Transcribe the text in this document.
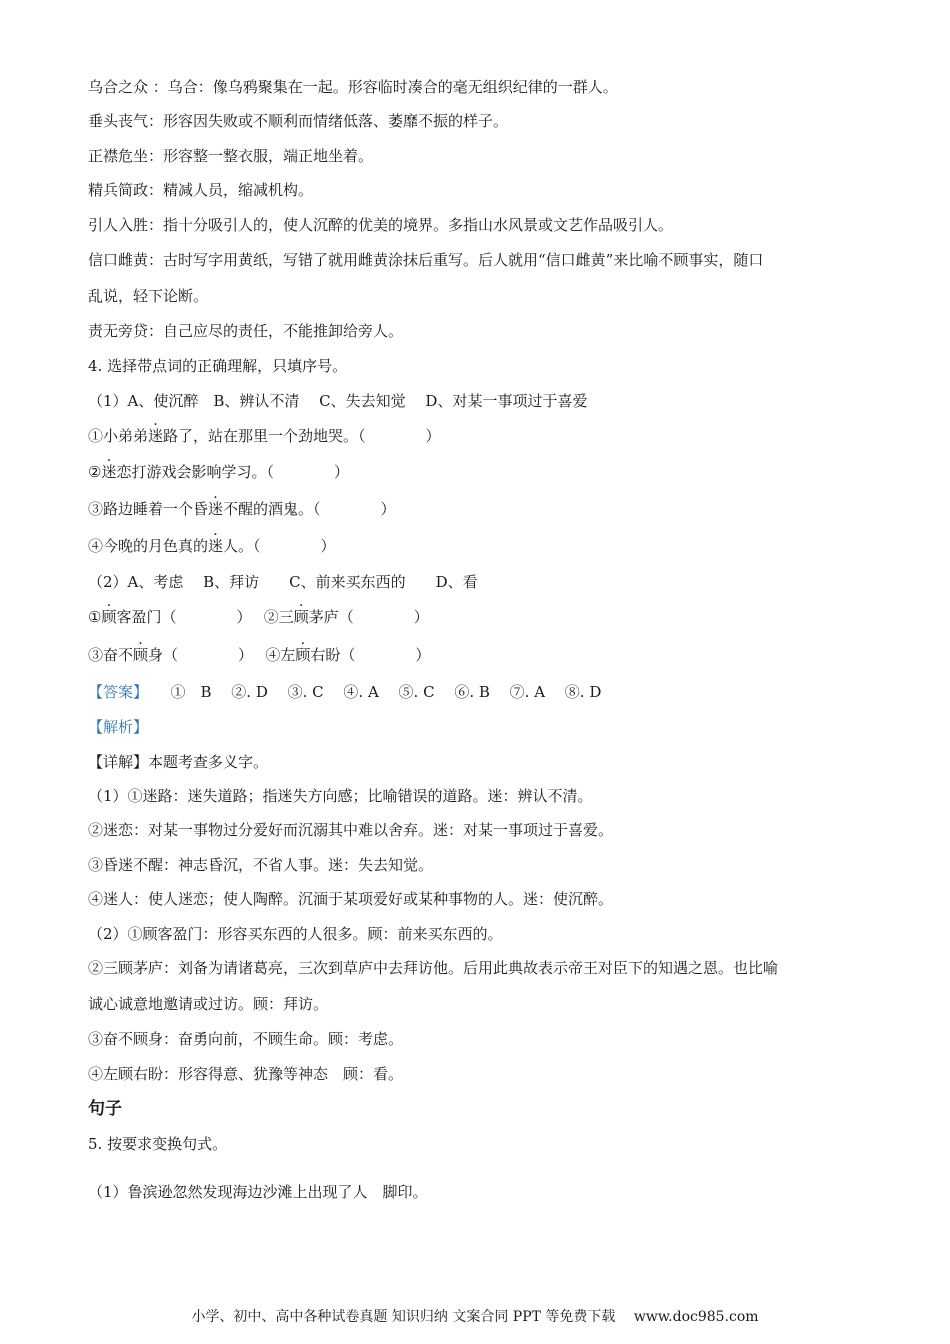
乌合之众 ：乌合：像乌鸦聚集在一起。形容临时凑合的毫无组织纪律的一群人。
垂头丧气：形容因失败或不顺利而情绪低落、萎靡不振的样子。
正襟危坐：形容整一整衣服，端正地坐着。
精兵简政：精减人员，缩减机构。
引人入胜：指十分吸引人的，使人沉醉的优美的境界。多指山水风景或文艺作品吸引人。
信口雌黄：古时写字用黄纸，写错了就用雌黄涂抹后重写。后人就用“信口雌黄”来比喻不顾事实，随口
乱说，轻下论断。
责无旁贷：自己应尽的责任，不能推卸给旁人。
4. 选择带点词的正确理解，只填序号。
（1）A、使沉醉　B、辨认不清　 C、失去知觉　 D、对某一事项过于喜爱
①小弟弟迷路了，站在那里一个劲地哭。（　　　　）
②迷恋打游戏会影响学习。（　　　　）
③路边睡着一个昏迷不醒的酒鬼。（　　　　）
④今晚的月色真的迷人。（　　　　）
（2）A、考虑　 B、拜访　　C、前来买东西的　　D、看
①顾客盈门（　　　　）　 ②三顾茅庐（　　　　）
③奋不顾身（　　　　）　 ④左顾右盼（　　　　）
【答案】　　①　B　 ②. D　 ③. C　 ④. A　 ⑤. C　 ⑥. B　 ⑦. A　 ⑧. D
【解析】
【详解】本题考查多义字。
（1）①迷路：迷失道路；指迷失方向感；比喻错误的道路。迷：辨认不清。
②迷恋：对某一事物过分爱好而沉溺其中难以舍弃。迷：对某一事项过于喜爱。
③昏迷不醒：神志昏沉，不省人事。迷：失去知觉。
④迷人：使人迷恋；使人陶醉。沉湎于某项爱好或某种事物的人。迷：使沉醉。
（2）①顾客盈门：形容买东西的人很多。顾：前来买东西的。
②三顾茅庐：刘备为请诸葛亮，三次到草庐中去拜访他。后用此典故表示帝王对臣下的知遇之恩。也比喻
诚心诚意地邀请或过访。顾：拜访。
③奋不顾身：奋勇向前，不顾生命。顾：考虑。
④左顾右盼：形容得意、犹豫等神态　顾：看。
句子
5. 按要求变换句式。
（1）鲁滨逊忽然发现海边沙滩上出现了人　脚印。
小学、初中、高中各种试卷真题 知识归纳 文案合同 PPT 等免费下载　 www.doc985.com
